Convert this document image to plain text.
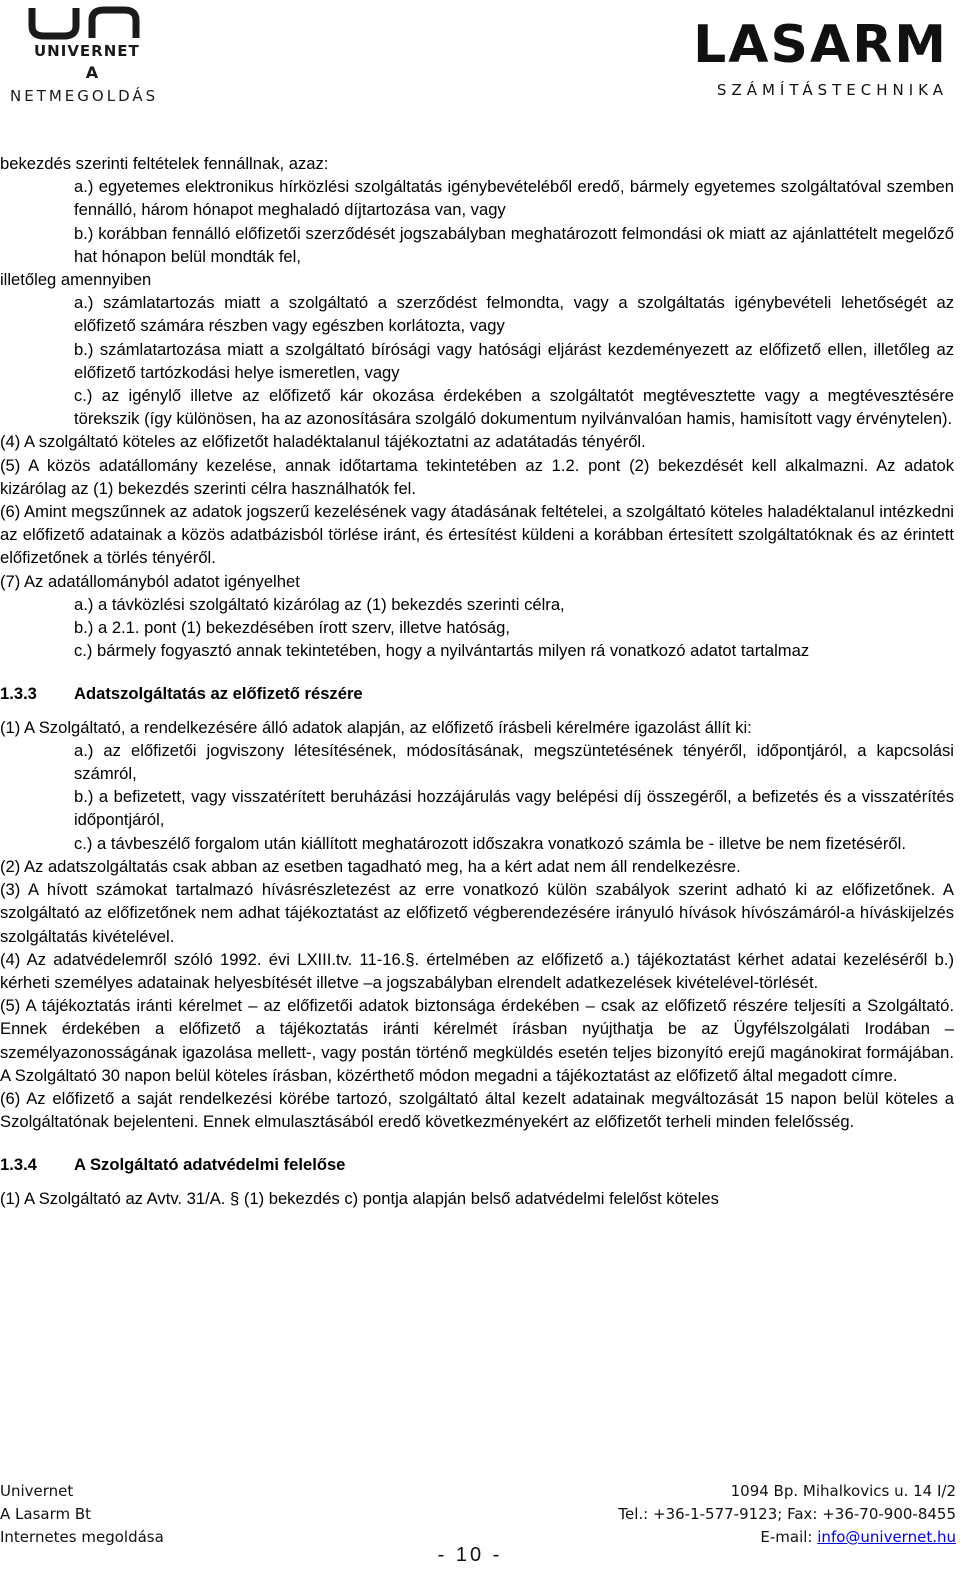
UNIVERNET
A
NETMEGOLDÁS
LASARM
SZÁMÍTÁSTECHNIKA

bekezdés szerinti feltételek fennállnak, azaz:

a.) egyetemes elektronikus hírközlési szolgáltatás igénybevételéből eredő, bármely egyetemes szolgáltatóval szemben fennálló, három hónapot meghaladó díjtartozása van, vagy

b.) korábban fennálló előfizetői szerződését jogszabályban meghatározott felmondási ok miatt az ajánlattételt megelőző hat hónapon belül mondták fel,

illetőleg amennyiben

a.) számlatartozás miatt a szolgáltató a szerződést felmondta, vagy a szolgáltatás igénybevételi lehetőségét az előfizető számára részben vagy egészben korlátozta, vagy

b.) számlatartozása miatt a szolgáltató bírósági vagy hatósági eljárást kezdeményezett az előfizető ellen, illetőleg az előfizető tartózkodási helye ismeretlen, vagy

c.) az igénylő illetve az előfizető kár okozása érdekében a szolgáltatót megtévesztette vagy a megtévesztésére törekszik (így különösen, ha az azonosítására szolgáló dokumentum nyilvánvalóan hamis, hamisított vagy érvénytelen).

(4) A szolgáltató köteles az előfizetőt haladéktalanul tájékoztatni az adatátadás tényéről.

(5) A közös adatállomány kezelése, annak időtartama tekintetében az 1.2. pont (2) bekezdését kell alkalmazni. Az adatok kizárólag az (1) bekezdés szerinti célra használhatók fel.

(6) Amint megszűnnek az adatok jogszerű kezelésének vagy átadásának feltételei, a szolgáltató köteles haladéktalanul intézkedni az előfizető adatainak a közös adatbázisból törlése iránt, és értesítést küldeni a korábban értesített szolgáltatóknak és az érintett előfizetőnek a törlés tényéről.

(7) Az adatállományból adatot igényelhet

a.) a távközlési szolgáltató kizárólag az (1) bekezdés szerinti célra,

b.) a 2.1. pont (1) bekezdésében írott szerv, illetve hatóság,

c.) bármely fogyasztó annak tekintetében, hogy a nyilvántartás milyen rá vonatkozó adatot tartalmaz

1.3.3	Adatszolgáltatás az előfizető részére

(1) A Szolgáltató, a rendelkezésére álló adatok alapján, az előfizető írásbeli kérelmére igazolást állít ki:

a.) az előfizetői jogviszony létesítésének, módosításának, megszüntetésének tényéről, időpontjáról, a kapcsolási számról,

b.) a befizetett, vagy visszatérített beruházási hozzájárulás vagy belépési díj összegéről, a befizetés és a visszatérítés időpontjáról,

c.) a távbeszélő forgalom után kiállított meghatározott időszakra vonatkozó számla be - illetve be nem fizetéséről.

(2) Az adatszolgáltatás csak abban az esetben tagadható meg, ha a kért adat nem áll rendelkezésre.

(3) A hívott számokat tartalmazó hívásrészletezést az erre vonatkozó külön szabályok szerint adható ki az előfizetőnek. A szolgáltató az előfizetőnek nem adhat tájékoztatást az előfizető végberendezésére irányuló hívások hívószámáról-a híváskijelzés szolgáltatás kivételével.

(4) Az adatvédelemről szóló 1992. évi LXIII.tv. 11-16.§. értelmében az előfizető a.) tájékoztatást kérhet adatai kezeléséről b.) kérheti személyes adatainak helyesbítését illetve –a jogszabályban elrendelt adatkezelések kivételével-törlését.

(5) A tájékoztatás iránti kérelmet – az előfizetői adatok biztonsága érdekében – csak az előfizető részére teljesíti a Szolgáltató. Ennek érdekében a előfizető a tájékoztatás iránti kérelmét írásban nyújthatja be az Ügyfélszolgálati Irodában –személyazonosságának igazolása mellett-, vagy postán történő megküldés esetén teljes bizonyító erejű magánokirat formájában. A Szolgáltató 30 napon belül köteles írásban, közérthető módon megadni a tájékoztatást az előfizető által megadott címre.

(6) Az előfizető a saját rendelkezési körébe tartozó, szolgáltató által kezelt adatainak megváltozását 15 napon belül köteles a Szolgáltatónak bejelenteni. Ennek elmulasztásából eredő következményekért az előfizetőt terheli minden felelősség.

1.3.4	A Szolgáltató adatvédelmi felelőse

(1) A Szolgáltató az Avtv. 31/A. § (1) bekezdés c) pontja alapján belső adatvédelmi felelőst köteles

Univernet
A Lasarm Bt
Internetes megoldása
1094 Bp. Mihalkovics u. 14 I/2
Tel.: +36-1-577-9123; Fax: +36-70-900-8455
E-mail: info@univernet.hu
- 10 -
